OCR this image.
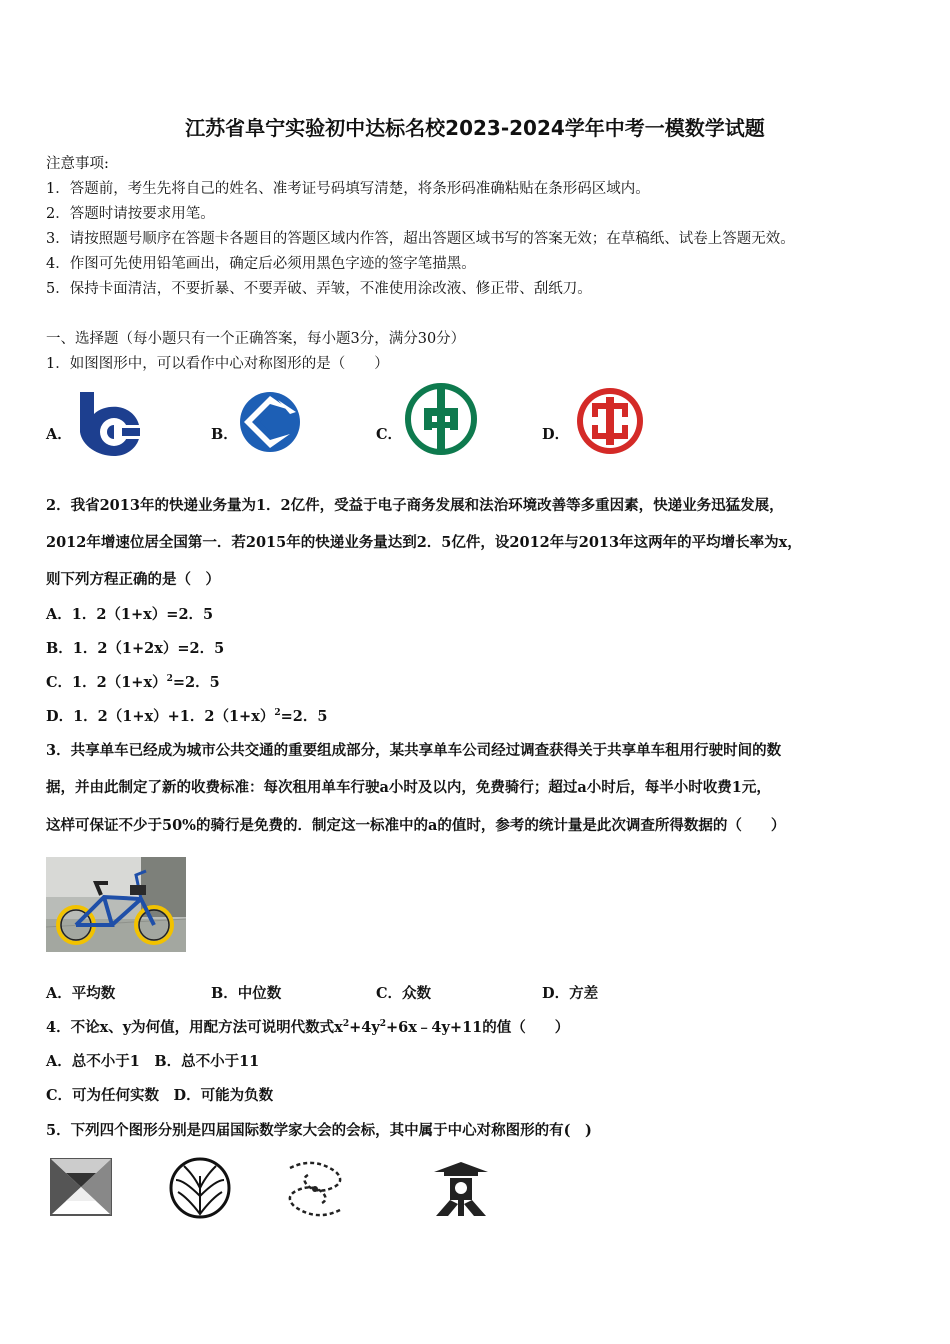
江苏省阜宁实验初中达标名校2023-2024学年中考一模数学试题
注意事项:
1．答题前，考生先将自己的姓名、准考证号码填写清楚，将条形码准确粘贴在条形码区域内。
2．答题时请按要求用笔。
3．请按照题号顺序在答题卡各题目的答题区域内作答，超出答题区域书写的答案无效；在草稿纸、试卷上答题无效。
4．作图可先使用铅笔画出，确定后必须用黑色字迹的签字笔描黑。
5．保持卡面清洁，不要折暴、不要弄破、弄皱，不准使用涂改液、修正带、刮纸刀。
一、选择题（每小题只有一个正确答案，每小题3分，满分30分）
1．如图图形中，可以看作中心对称图形的是（　　）
A．	B．	C．	D．
2．我省2013年的快递业务量为1．2亿件，受益于电子商务发展和法治环境改善等多重因素，快递业务迅猛发展，
2012年增速位居全国第一．若2015年的快递业务量达到2．5亿件，设2012年与2013年这两年的平均增长率为x，
则下列方程正确的是（　）
A．1．2（1+x）=2．5
B．1．2（1+2x）=2．5
C．1．$2(1+x)^2=2$．5
D．1．2（1+x）+1．$2(1+x)^2=2$．5
3．共享单车已经成为城市公共交通的重要组成部分，某共享单车公司经过调查获得关于共享单车租用行驶时间的数
据，并由此制定了新的收费标准：每次租用单车行驶a小时及以内，免费骑行；超过a小时后，每半小时收费1元，
这样可保证不少于50%的骑行是免费的．制定这一标准中的a的值时，参考的统计量是此次调查所得数据的（　　）
A．平均数	B．中位数	C．众数	D．方差
4．不论x、y为何值，用配方法可说明代数式$x^2+4y^2+6x﹣4y+11$的值（　　）
A．总不小于1　B．总不小于11
C．可为任何实数　D．可能为负数
5．下列四个图形分别是四届国际数学家大会的会标，其中属于中心对称图形的有(　)
